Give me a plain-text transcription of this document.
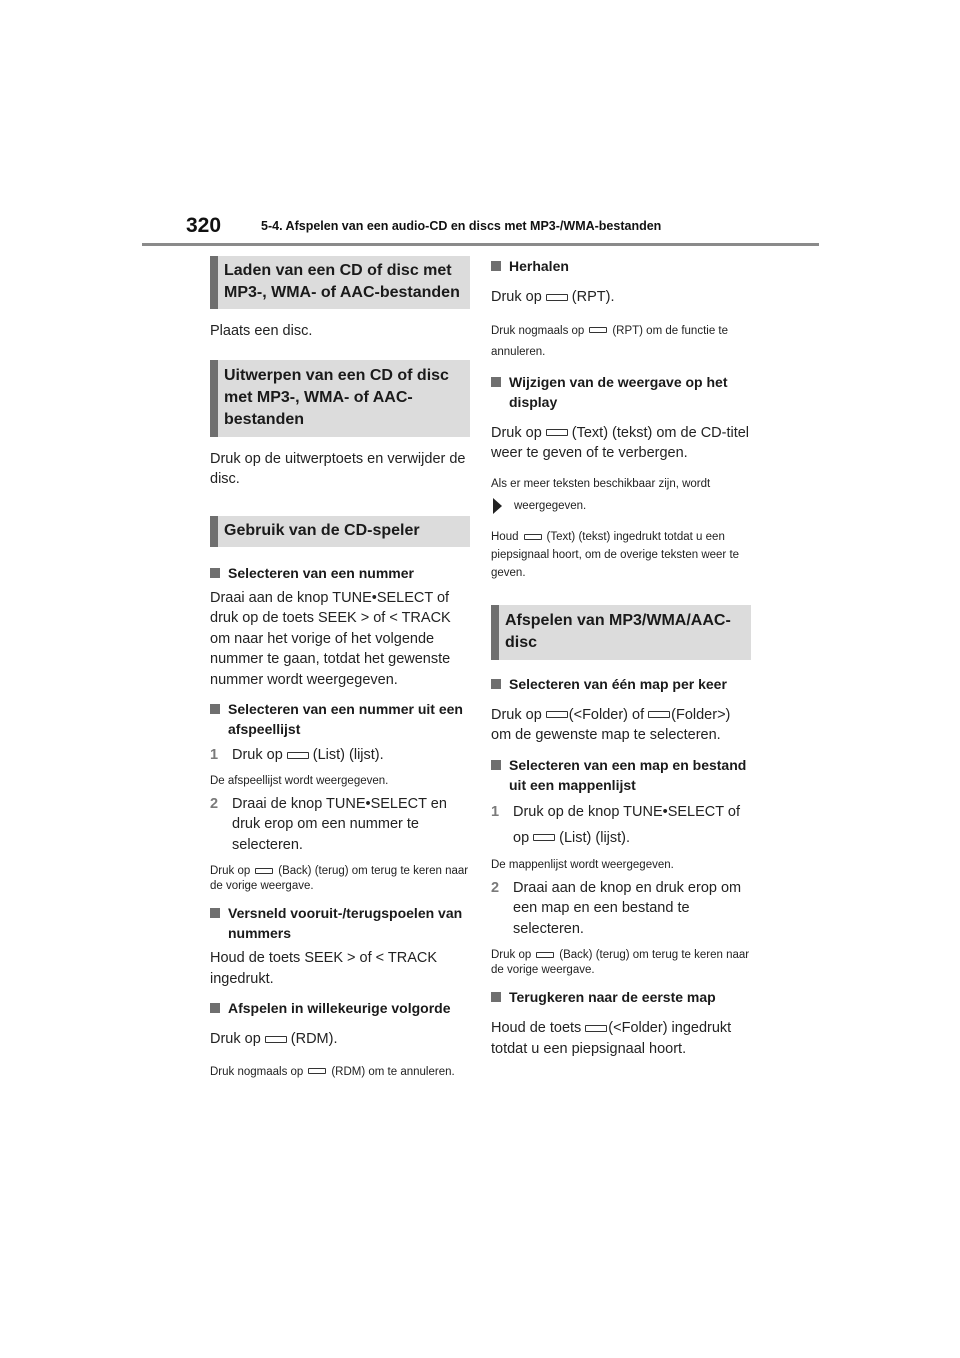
320	5-4. Afspelen van een audio-CD en discs met MP3-/WMA-bestanden
Laden van een CD of disc met MP3-, WMA- of AAC-bestanden
Plaats een disc.
Uitwerpen van een CD of disc met MP3-, WMA- of AAC-bestanden
Druk op de uitwerptoets en verwijder de disc.
Gebruik van de CD-speler
Selecteren van een nummer
Draai aan de knop TUNE•SELECT of druk op de toets SEEK > of < TRACK om naar het vorige of het volgende nummer te gaan, totdat het gewenste nummer wordt weergegeven.
Selecteren van een nummer uit een afspeellijst
1 Druk op (List) (lijst).
De afspeellijst wordt weergegeven.
2 Draai de knop TUNE•SELECT en druk erop om een nummer te selecteren.
Druk op (Back) (terug) om terug te keren naar de vorige weergave.
Versneld vooruit-/terugspoelen van nummers
Houd de toets SEEK > of < TRACK ingedrukt.
Afspelen in willekeurige volgorde
Druk op (RDM).
Druk nogmaals op (RDM) om te annuleren.
Herhalen
Druk op (RPT).
Druk nogmaals op (RPT) om de functie te annuleren.
Wijzigen van de weergave op het display
Druk op (Text) (tekst) om de CD-titel weer te geven of te verbergen.
Als er meer teksten beschikbaar zijn, wordt
weergegeven.
Houd (Text) (tekst) ingedrukt totdat u een piepsignaal hoort, om de overige teksten weer te geven.
Afspelen van MP3/WMA/AAC-disc
Selecteren van één map per keer
Druk op (<Folder) of (Folder>) om de gewenste map te selecteren.
Selecteren van een map en bestand uit een mappenlijst
1 Druk op de knop TUNE•SELECT of op (List) (lijst).
De mappenlijst wordt weergegeven.
2 Draai aan de knop en druk erop om een map en een bestand te selecteren.
Druk op (Back) (terug) om terug te keren naar de vorige weergave.
Terugkeren naar de eerste map
Houd de toets (<Folder) ingedrukt totdat u een piepsignaal hoort.
